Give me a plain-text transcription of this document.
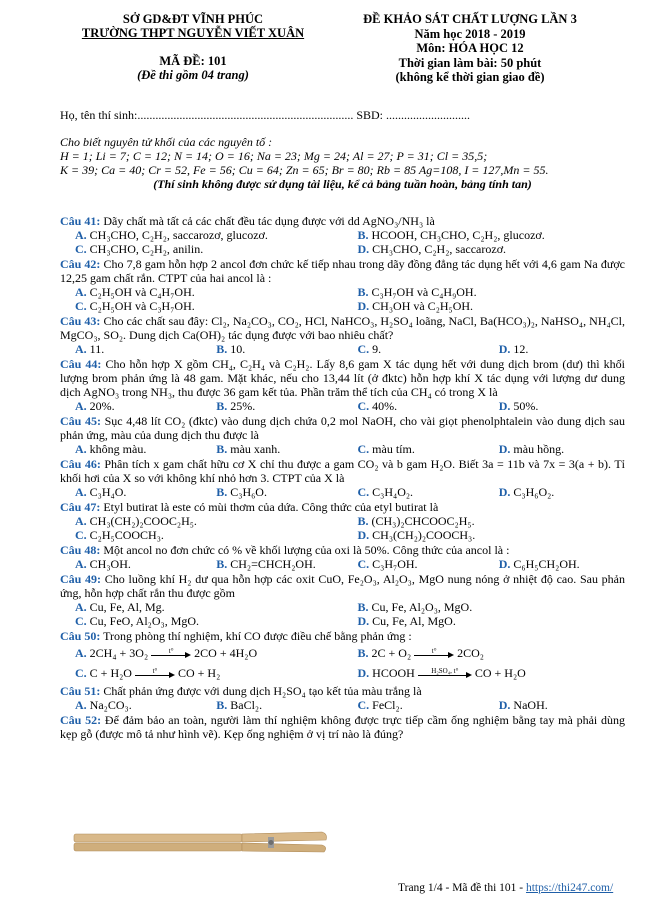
SỞ GD&ĐT VĨNH PHÚC
TRƯỜNG THPT NGUYỄN VIẾT XUÂN
MÃ ĐỀ: 101
(Đề thi gồm 04 trang)
ĐỀ KHẢO SÁT CHẤT LƯỢNG LẦN 3
Năm học 2018 - 2019
Môn: HÓA HỌC 12
Thời gian làm bài: 50 phút
(không kể thời gian giao đề)
Họ, tên thí sinh:........................................................................ SBD: ............................
Cho biết nguyên tử khối của các nguyên tố :
H = 1; Li = 7; C = 12; N = 14; O = 16; Na = 23; Mg = 24; Al = 27; P = 31; Cl = 35,5;
K = 39; Ca = 40; Cr = 52, Fe = 56; Cu = 64; Zn = 65; Br = 80; Rb = 85 Ag=108, I = 127,Mn = 55.
(Thí sinh không được sử dụng tài liệu, kể cả bảng tuần hoàn, bảng tính tan)
Câu 41: Dãy chất mà tất cả các chất đều tác dụng được với dd AgNO₃/NH₃ là
A. CH₃CHO, C₂H₂, saccarozơ, glucozơ.	B. HCOOH, CH₃CHO, C₂H₂, glucozơ.
C. CH₃CHO, C₂H₂, anilin.	D. CH₃CHO, C₂H₂, saccarozơ.
Câu 42: Cho 7,8 gam hỗn hợp 2 ancol đơn chức kế tiếp nhau trong dãy đồng đẳng tác dụng hết với 4,6 gam Na được 12,25 gam chất rắn. CTPT của hai ancol là :
A. C₂H₅OH và C₄H₇OH.	B. C₃H₇OH và C₄H₉OH.
C. C₂H₅OH và C₃H₇OH.	D. CH₃OH và C₂H₅OH.
Câu 43: Cho các chất sau đây: Cl₂, Na₂CO₃, CO₂, HCl, NaHCO₃, H₂SO₄ loãng, NaCl, Ba(HCO₃)₂, NaHSO₄, NH₄Cl, MgCO₃, SO₂. Dung dịch Ca(OH)₂ tác dụng được với bao nhiêu chất?
A. 11.	B. 10.	C. 9.	D. 12.
Câu 44: Cho hỗn hợp X gồm CH₄, C₂H₄ và C₂H₂. Lấy 8,6 gam X tác dụng hết với dung dịch brom (dư) thì khối lượng brom phản ứng là 48 gam. Mặt khác, nếu cho 13,44 lít (ở đktc) hỗn hợp khí X tác dụng với lượng dư dung dịch AgNO₃ trong NH₃, thu được 36 gam kết tủa. Phần trăm thể tích của CH₄ có trong X là
A. 20%.	B. 25%.	C. 40%.	D. 50%.
Câu 45: Sục 4,48 lít CO₂ (đktc) vào dung dịch chứa 0,2 mol NaOH, cho vài giọt phenolphtalein vào dung dịch sau phản ứng, màu của dung dịch thu được là
A. không màu.	B. màu xanh.	C. màu tím.	D. màu hồng.
Câu 46: Phân tích x gam chất hữu cơ X chỉ thu được a gam CO₂ và b gam H₂O. Biết 3a = 11b và 7x = 3(a + b). Tỉ khối hơi của X so với không khí nhỏ hơn 3. CTPT của X là
A. C₃H₄O.	B. C₃H₆O.	C. C₃H₄O₂.	D. C₃H₆O₂.
Câu 47: Etyl butirat là este có mùi thơm của dứa. Công thức của etyl butirat là
A. CH₃(CH₂)₂COOC₂H₅.	B. (CH₃)₂CHCOOC₂H₅.
C. C₂H₅COOCH₃.	D. CH₃(CH₂)₂COOCH₃.
Câu 48: Một ancol no đơn chức có % về khối lượng của oxi là 50%. Công thức của ancol là :
A. CH₃OH.	B. CH₂=CHCH₂OH.	C. C₃H₇OH.	D. C₆H₅CH₂OH.
Câu 49: Cho luồng khí H₂ dư qua hỗn hợp các oxit CuO, Fe₂O₃, Al₂O₃, MgO nung nóng ở nhiệt độ cao. Sau phản ứng, hỗn hợp chất rắn thu được gồm
A. Cu, Fe, Al, Mg.	B. Cu, Fe, Al₂O₃, MgO.
C. Cu, FeO, Al₂O₃, MgO.	D. Cu, Fe, Al, MgO.
Câu 50: Trong phòng thí nghiệm, khí CO được điều chế bằng phản ứng :
A. 2CH₄ + 3O₂	t°	2CO + 4H₂O	B. 2C + O₂	t°	2CO₂
C. C + H₂O	t°	CO + H₂	D. HCOOH	H₂SO₄, t°	CO + H₂O
Câu 51: Chất phản ứng được với dung dịch H₂SO₄ tạo kết tủa màu trắng là
A. Na₂CO₃.	B. BaCl₂.	C. FeCl₂.	D. NaOH.
Câu 52: Để đảm bảo an toàn, người làm thí nghiệm không được trực tiếp cầm ống nghiệm bằng tay mà phải dùng kẹp gỗ (được mô tả như hình vẽ). Kẹp ống nghiệm ở vị trí nào là đúng?
Trang 1/4 - Mã đề thi 101 - https://thi247.com/
